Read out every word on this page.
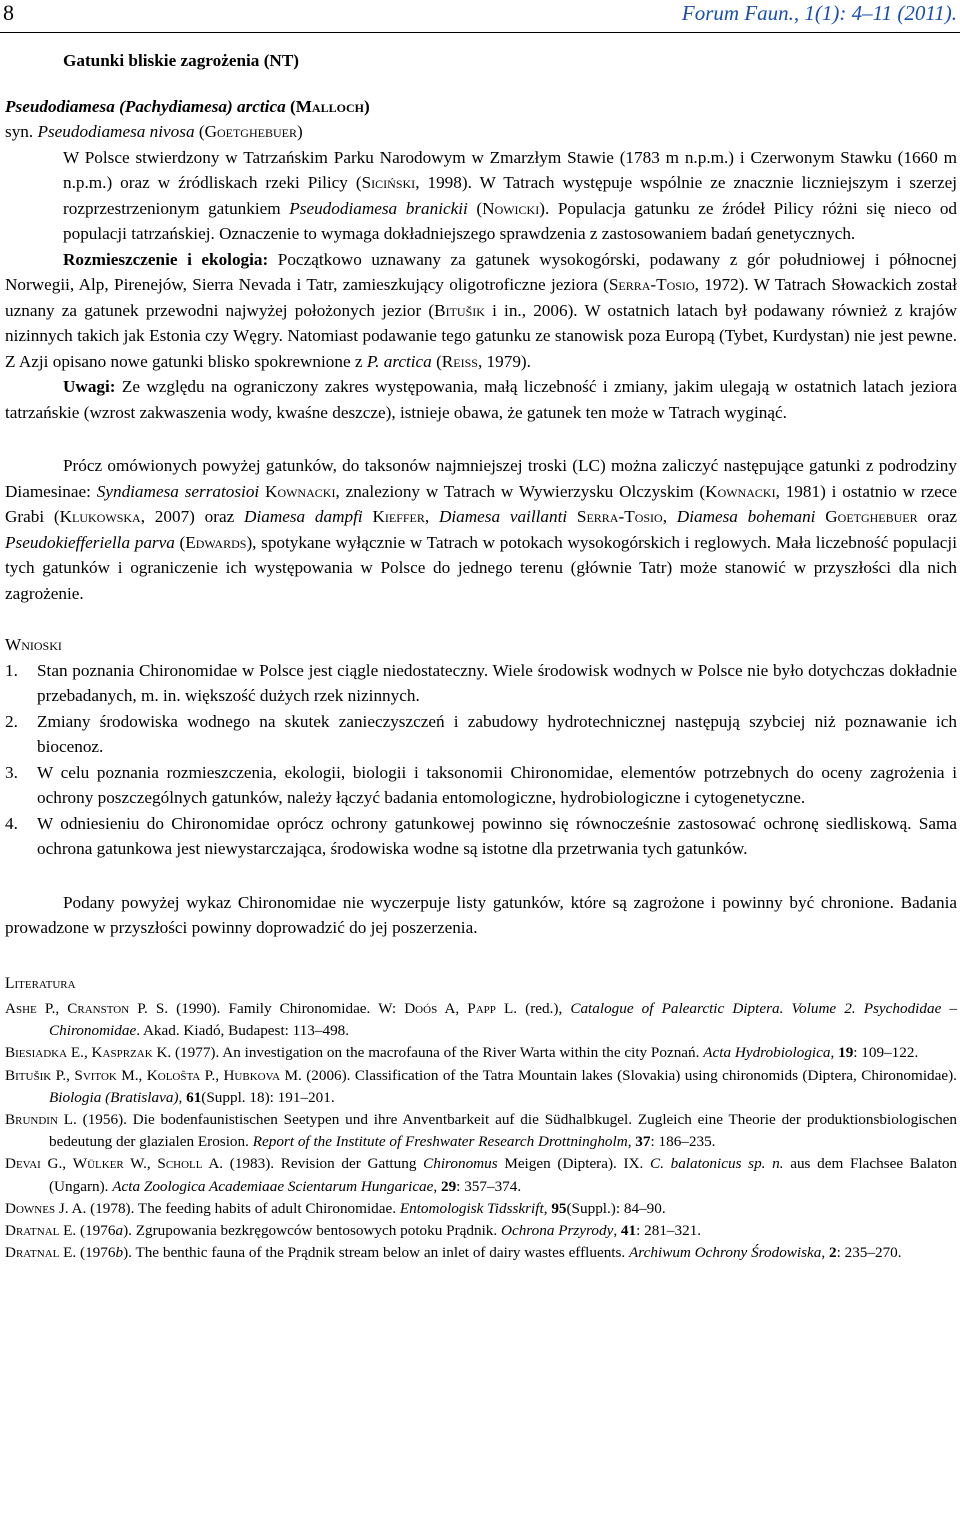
8	Forum Faun., 1(1): 4–11 (2011).

Gatunki bliskie zagrożenia (NT)

Pseudodiamesa (Pachydiamesa) arctica (Malloch)

syn. Pseudodiamesa nivosa (Goetghebuer)

W Polsce stwierdzony w Tatrzańskim Parku Narodowym w Zmarzłym Stawie (1783 m n.p.m.) i Czerwonym Stawku (1660 m n.p.m.) oraz w źródliskach rzeki Pilicy (Siciński, 1998). W Tatrach występuje wspólnie ze znacznie liczniejszym i szerzej rozprzestrzenionym gatunkiem Pseudodiamesa branickii (Nowicki). Populacja gatunku ze źródeł Pilicy różni się nieco od populacji tatrzańskiej. Oznaczenie to wymaga dokładniejszego sprawdzenia z zastosowaniem badań genetycznych.

Rozmieszczenie i ekologia: Początkowo uznawany za gatunek wysokogórski, podawany z gór południowej i północnej Norwegii, Alp, Pirenejów, Sierra Nevada i Tatr, zamieszkujący oligotroficzne jeziora (Serra-Tosio, 1972). W Tatrach Słowackich został uznany za gatunek przewodni najwyżej położonych jezior (Bitušik i in., 2006). W ostatnich latach był podawany również z krajów nizinnych takich jak Estonia czy Węgry. Natomiast podawanie tego gatunku ze stanowisk poza Europą (Tybet, Kurdystan) nie jest pewne. Z Azji opisano nowe gatunki blisko spokrewnione z P. arctica (Reiss, 1979).

Uwagi: Ze względu na ograniczony zakres występowania, małą liczebność i zmiany, jakim ulegają w ostatnich latach jeziora tatrzańskie (wzrost zakwaszenia wody, kwaśne deszcze), istnieje obawa, że gatunek ten może w Tatrach wyginąć.

Prócz omówionych powyżej gatunków, do taksonów najmniejszej troski (LC) można zaliczyć następujące gatunki z podrodziny Diamesinae: Syndiamesa serratosioi Kownacki, znaleziony w Tatrach w Wywierzysku Olczyskim (Kownacki, 1981) i ostatnio w rzece Grabi (Klukowska, 2007) oraz Diamesa dampfi Kieffer, Diamesa vaillanti Serra-Tosio, Diamesa bohemani Goetghebuer oraz Pseudokiefferiella parva (Edwards), spotykane wyłącznie w Tatrach w potokach wysokogórskich i reglowych. Mała liczebność populacji tych gatunków i ograniczenie ich występowania w Polsce do jednego terenu (głównie Tatr) może stanowić w przyszłości dla nich zagrożenie.

Wnioski

1. Stan poznania Chironomidae w Polsce jest ciągle niedostateczny. Wiele środowisk wodnych w Polsce nie było dotychczas dokładnie przebadanych, m. in. większość dużych rzek nizinnych.
2. Zmiany środowiska wodnego na skutek zanieczyszczeń i zabudowy hydrotechnicznej następują szybciej niż poznawanie ich biocenoz.
3. W celu poznania rozmieszczenia, ekologii, biologii i taksonomii Chironomidae, elementów potrzebnych do oceny zagrożenia i ochrony poszczególnych gatunków, należy łączyć badania entomologiczne, hydrobiologiczne i cytogenetyczne.
4. W odniesieniu do Chironomidae oprócz ochrony gatunkowej powinno się równocześnie zastosować ochronę siedliskową. Sama ochrona gatunkowa jest niewystarczająca, środowiska wodne są istotne dla przetrwania tych gatunków.

Podany powyżej wykaz Chironomidae nie wyczerpuje listy gatunków, które są zagrożone i powinny być chronione. Badania prowadzone w przyszłości powinny doprowadzić do jej poszerzenia.

Literatura

Ashe P., Cranston P. S. (1990). Family Chironomidae. W: Doós A, Papp L. (red.), Catalogue of Palearctic Diptera. Volume 2. Psychodidae – Chironomidae. Akad. Kiadó, Budapest: 113–498.

Biesiadka E., Kasprzak K. (1977). An investigation on the macrofauna of the River Warta within the city Poznań. Acta Hydrobiologica, 19: 109–122.

Bitušik P., Svitok M., Koloŝta P., Hubkova M. (2006). Classification of the Tatra Mountain lakes (Slovakia) using chironomids (Diptera, Chironomidae). Biologia (Bratislava), 61(Suppl. 18): 191–201.

Brundin L. (1956). Die bodenfaunistischen Seetypen und ihre Anventbarkeit auf die Südhalbkugel. Zugleich eine Theorie der produktionsbiologischen bedeutung der glazialen Erosion. Report of the Institute of Freshwater Research Drottningholm, 37: 186–235.

Devai G., Wülker W., Scholl A. (1983). Revision der Gattung Chironomus Meigen (Diptera). IX. C. balatonicus sp. n. aus dem Flachsee Balaton (Ungarn). Acta Zoologica Academiaae Scientarum Hungaricae, 29: 357–374.

Downes J. A. (1978). The feeding habits of adult Chironomidae. Entomologisk Tidsskrift, 95(Suppl.): 84–90.

Dratnal E. (1976a). Zgrupowania bezkręgowców bentosowych potoku Prądnik. Ochrona Przyrody, 41: 281–321.

Dratnal E. (1976b). The benthic fauna of the Prądnik stream below an inlet of dairy wastes effluents. Archiwum Ochrony Środowiska, 2: 235–270.
